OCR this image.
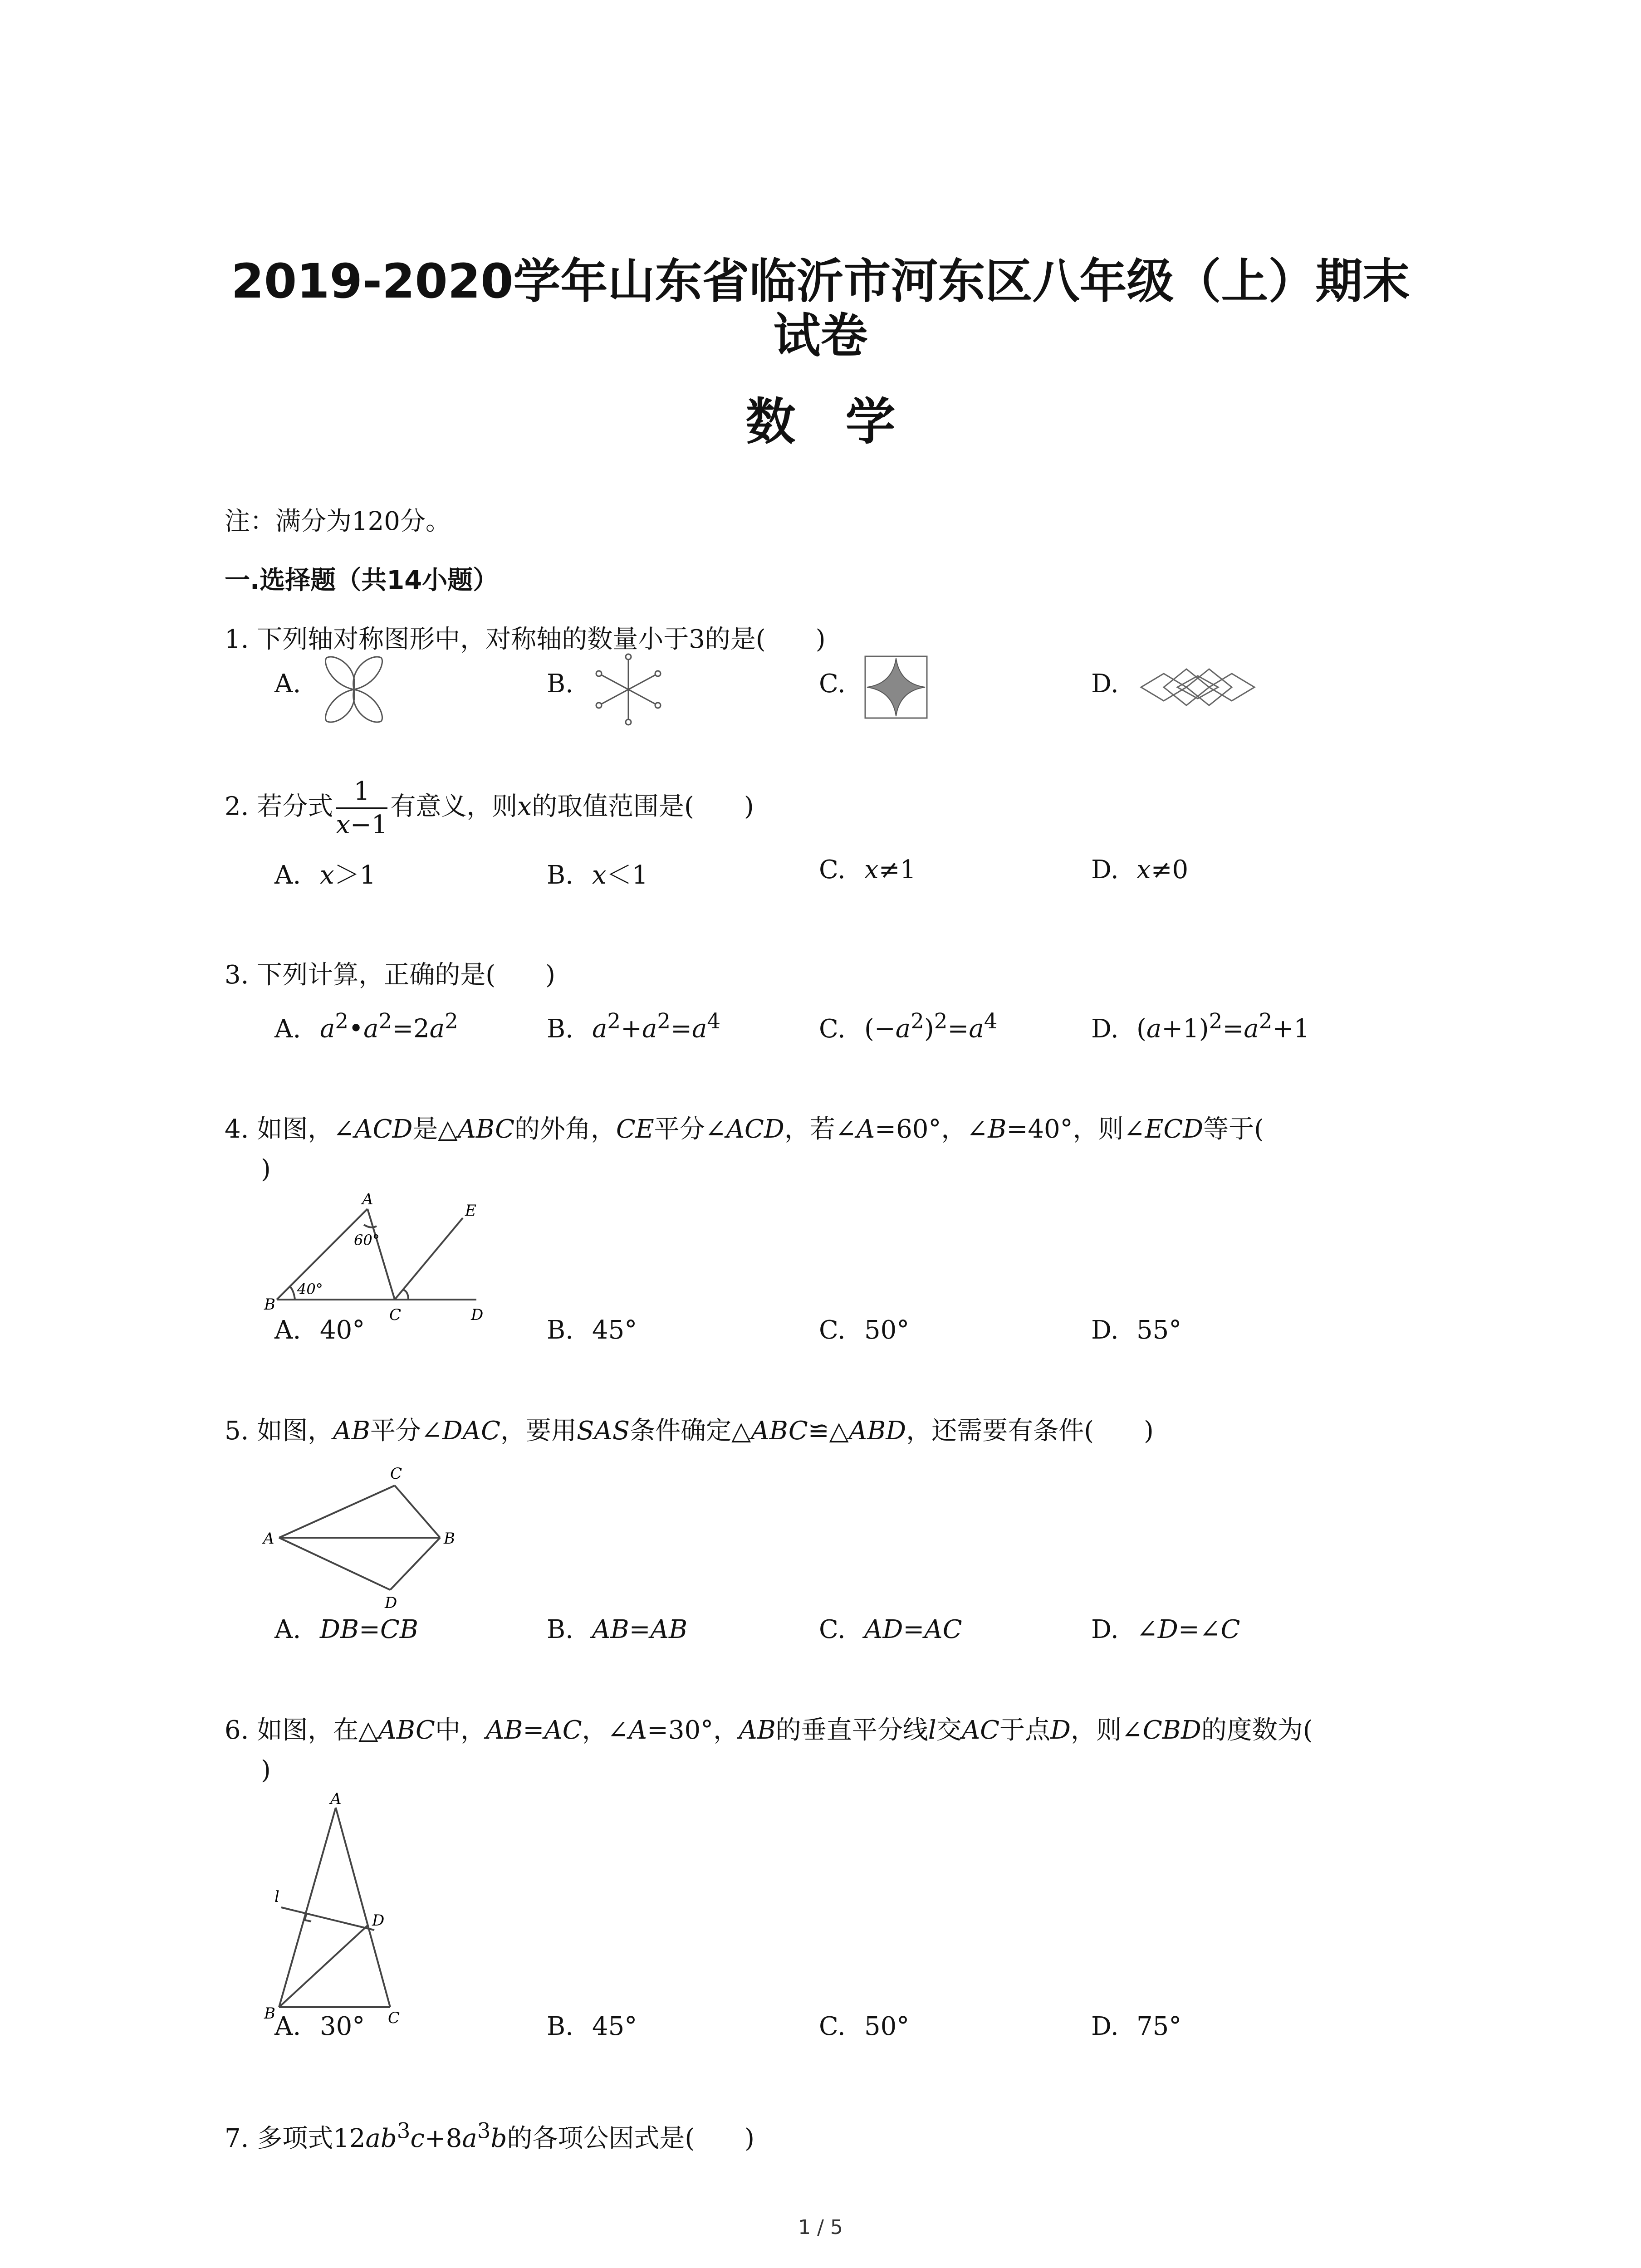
2019-2020学年山东省临沂市河东区八年级（上）期末
试卷
数学
注：满分为120分。
一.选择题（共14小题）
1. 下列轴对称图形中，对称轴的数量小于3的是( )
A.	B.	C.	D.
2. 若分式 $\frac{1}{x-1}$ 有意义，则x的取值范围是( )
A. x＞1	B. x＜1	C. x≠1	D. x≠0
3. 下列计算，正确的是( )
A. $a^2•a^2=2a^2$	B. $a^2+a^2=a^4$	C. $(-a^2)^2=a^4$	D. $(a+1)^2=a^2+1$
4. 如图，∠ACD是△ABC的外角，CE平分∠ACD，若∠A=60°，∠B=40°，则∠ECD等于(
)
A
B
C	D
E
60°
40°
A. 40°	B. 45°	C. 50°	D. 55°
5. 如图，AB平分∠DAC，要用SAS条件确定△ABC≌△ABD，还需要有条件( )
A	B
C
D
A. DB=CB	B. AB=AB	C. AD=AC	D. ∠D=∠C
6. 如图，在△ABC中，AB=AC，∠A=30°，AB的垂直平分线l交AC于点D，则∠CBD的度数为(
)
A
B	C
D
l
A. 30°	B. 45°	C. 50°	D. 75°
7. 多项式$12ab^3c+8a^3b$的各项公因式是( )
1 / 5
